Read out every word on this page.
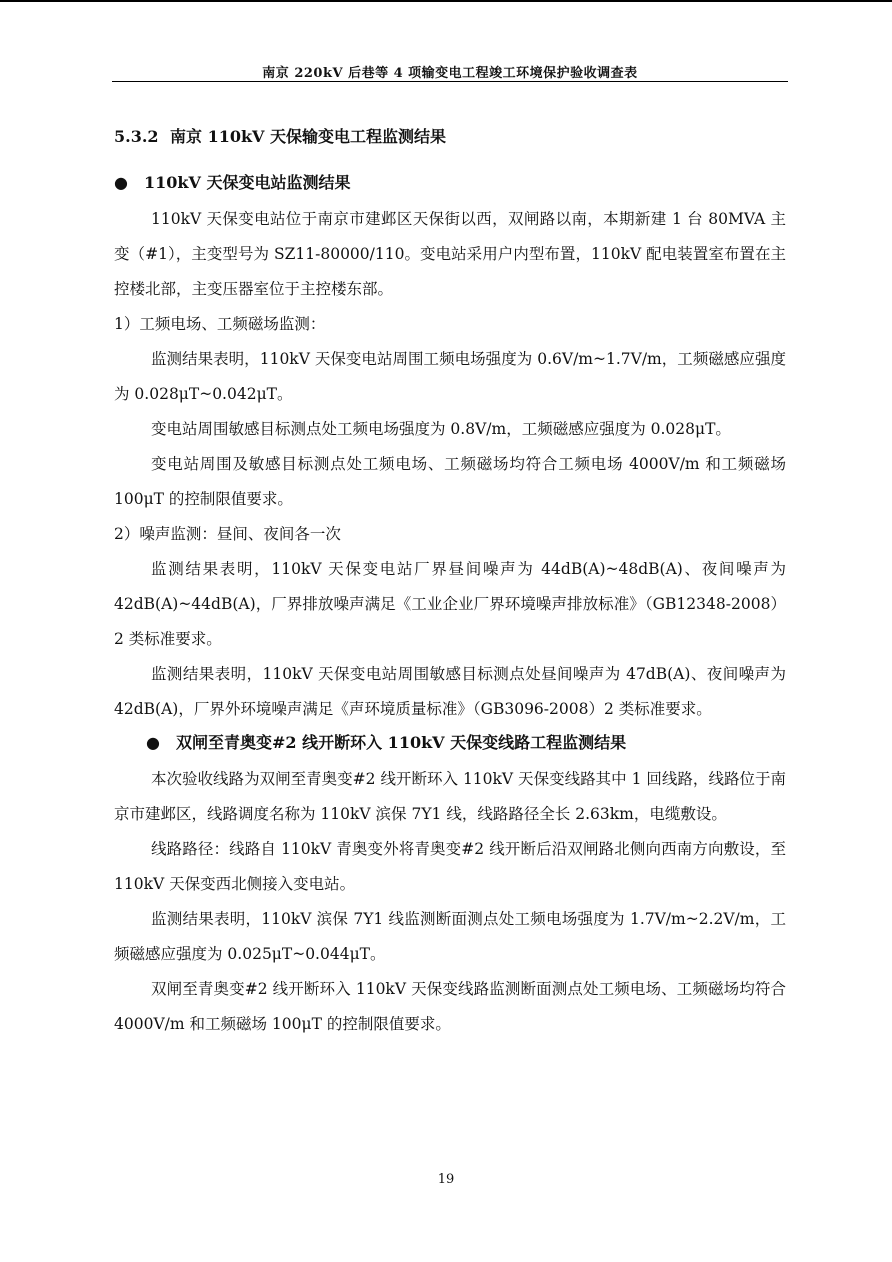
南京 220kV 后巷等 4 项输变电工程竣工环境保护验收调查表
5.3.2 南京 110kV 天保输变电工程监测结果
● 110kV 天保变电站监测结果

110kV 天保变电站位于南京市建邺区天保街以西，双闸路以南，本期新建 1 台 80MVA 主变（#1），主变型号为 SZ11-80000/110。变电站采用户内型布置，110kV 配电装置室布置在主控楼北部，主变压器室位于主控楼东部。

1）工频电场、工频磁场监测：

监测结果表明，110kV 天保变电站周围工频电场强度为 0.6V/m~1.7V/m，工频磁感应强度为 0.028μT~0.042μT。

变电站周围敏感目标测点处工频电场强度为 0.8V/m，工频磁感应强度为 0.028μT。

变电站周围及敏感目标测点处工频电场、工频磁场均符合工频电场 4000V/m 和工频磁场 100μT 的控制限值要求。

2）噪声监测：昼间、夜间各一次

监测结果表明，110kV 天保变电站厂界昼间噪声为 44dB(A)~48dB(A)、夜间噪声为 42dB(A)~44dB(A)，厂界排放噪声满足《工业企业厂界环境噪声排放标准》（GB12348-2008）2 类标准要求。

监测结果表明，110kV 天保变电站周围敏感目标测点处昼间噪声为 47dB(A)、夜间噪声为 42dB(A)，厂界外环境噪声满足《声环境质量标准》（GB3096-2008）2 类标准要求。

● 双闸至青奥变#2 线开断环入 110kV 天保变线路工程监测结果

本次验收线路为双闸至青奥变#2 线开断环入 110kV 天保变线路其中 1 回线路，线路位于南京市建邺区，线路调度名称为 110kV 滨保 7Y1 线，线路路径全长 2.63km，电缆敷设。

线路路径：线路自 110kV 青奥变外将青奥变#2 线开断后沿双闸路北侧向西南方向敷设，至 110kV 天保变西北侧接入变电站。

监测结果表明，110kV 滨保 7Y1 线监测断面测点处工频电场强度为 1.7V/m~2.2V/m，工频磁感应强度为 0.025μT~0.044μT。

双闸至青奥变#2 线开断环入 110kV 天保变线路监测断面测点处工频电场、工频磁场均符合 4000V/m 和工频磁场 100μT 的控制限值要求。

19
